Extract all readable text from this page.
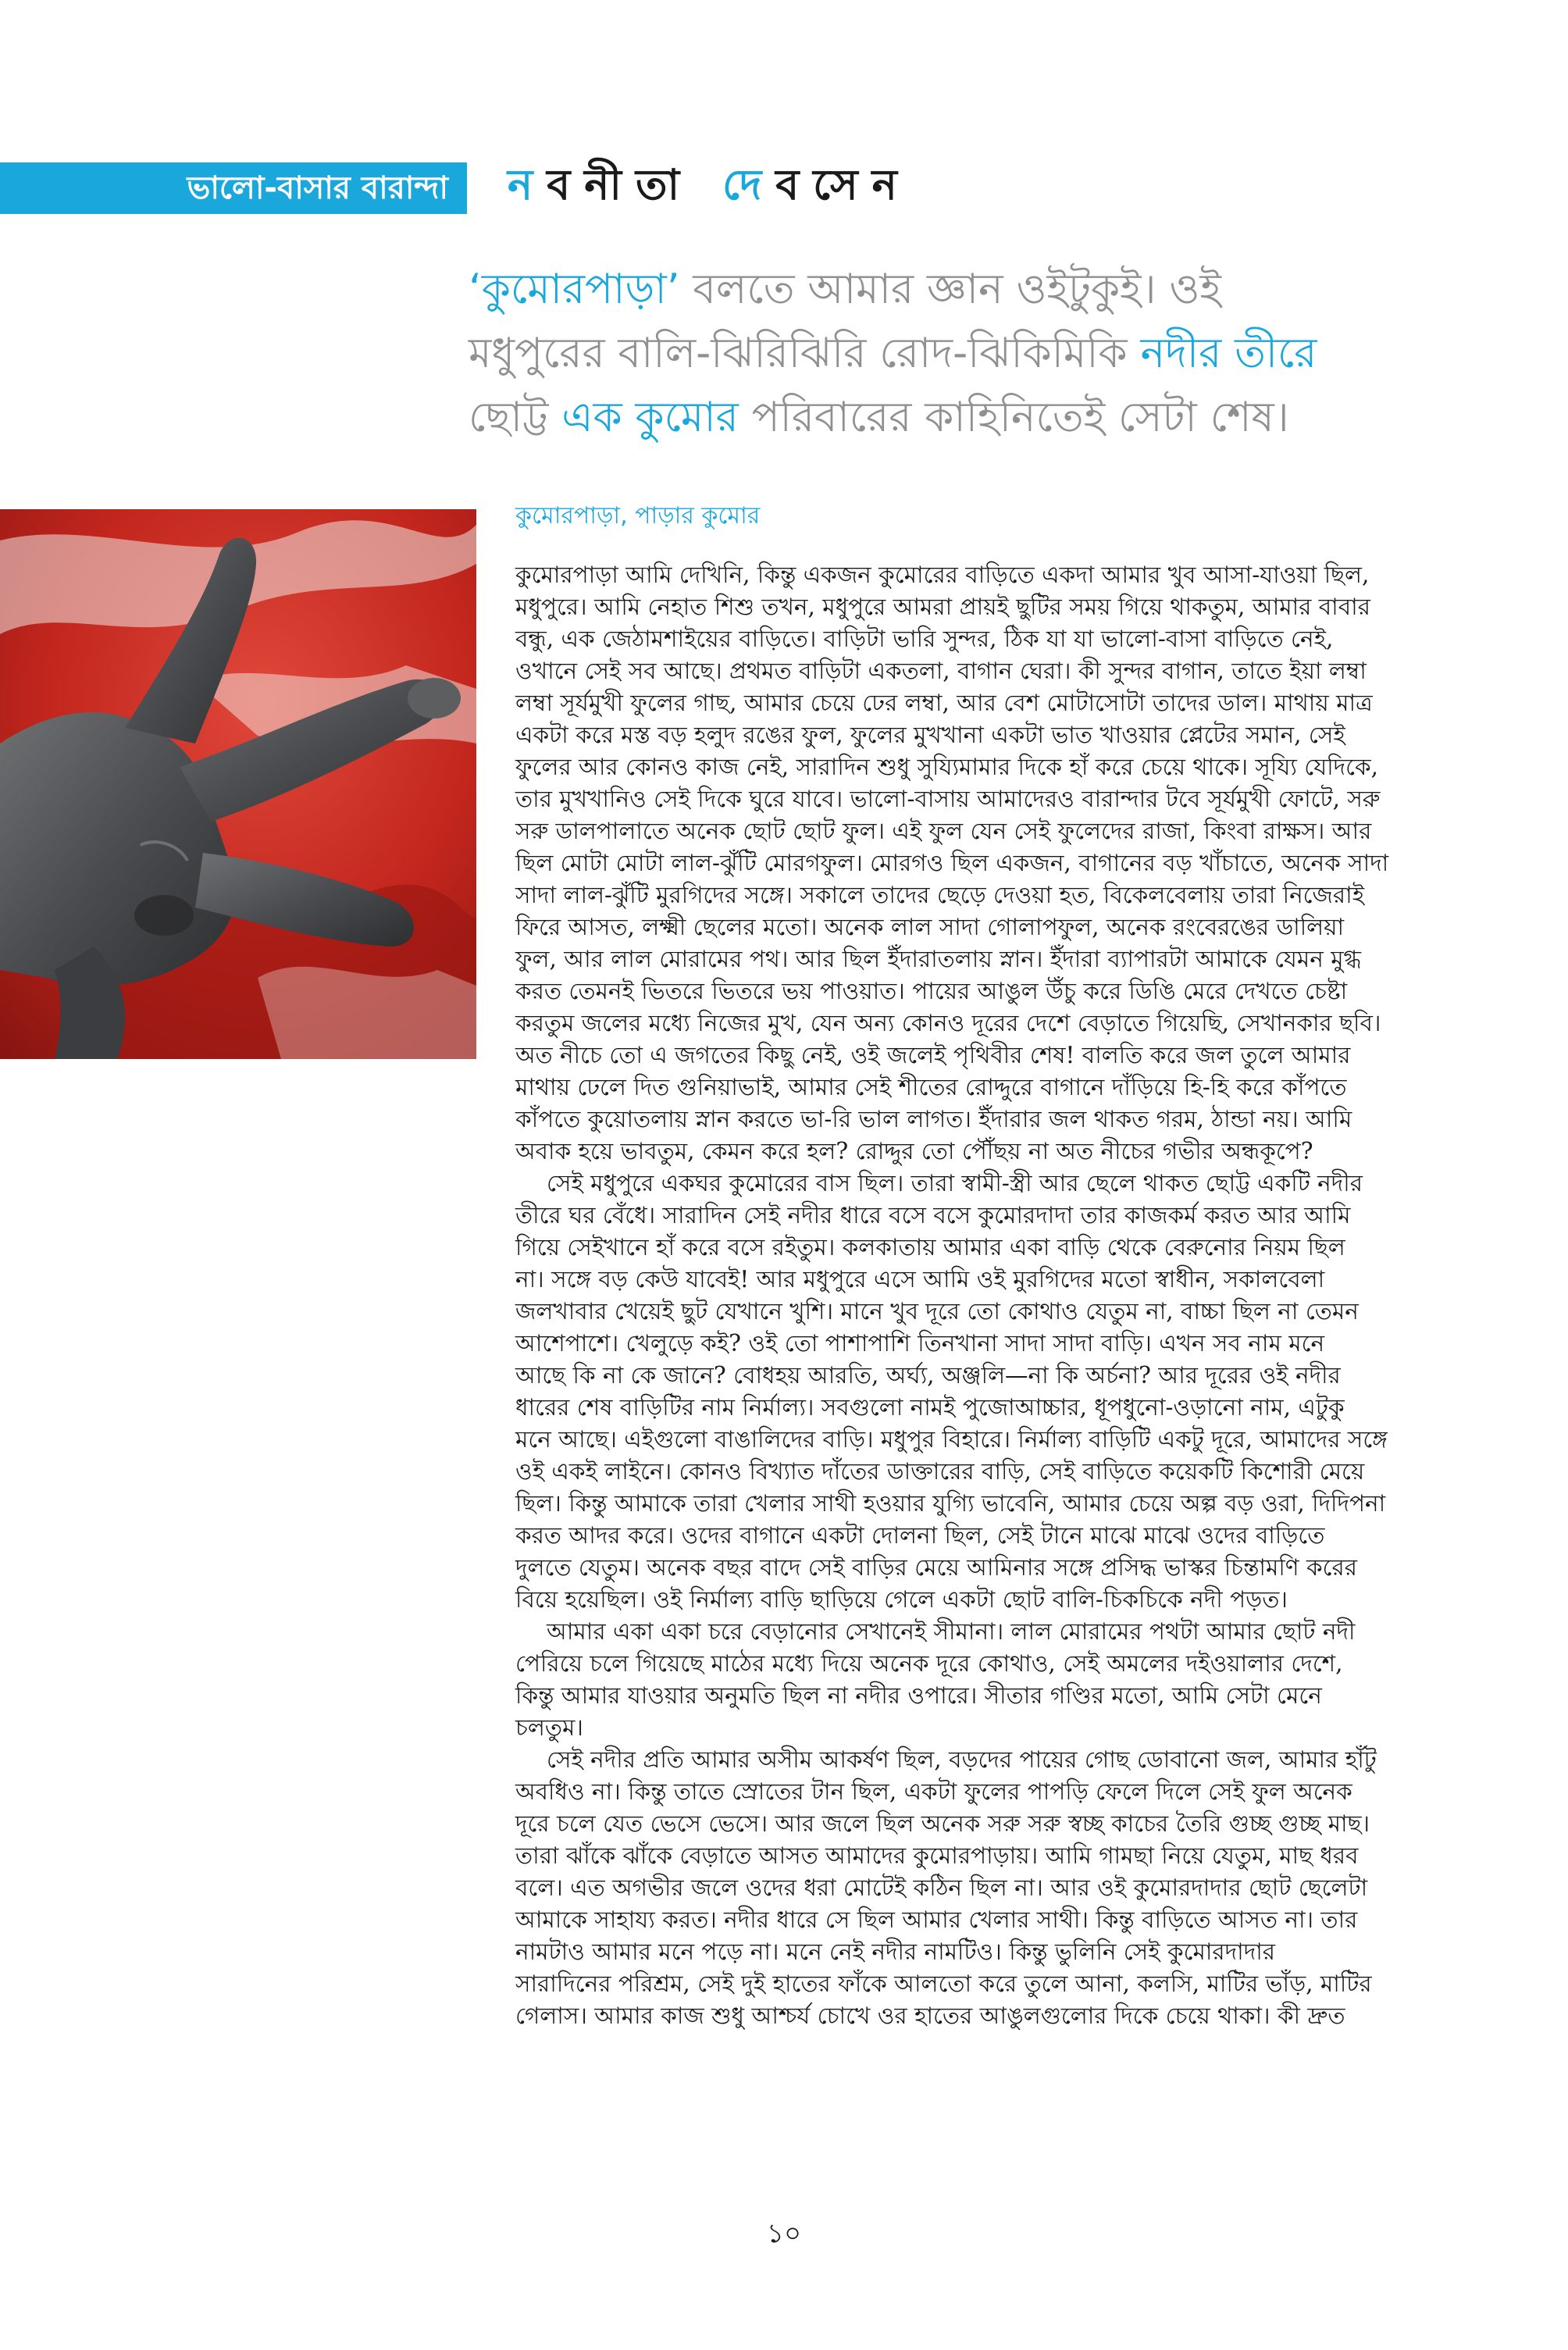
ভালো-বাসার বারান্দা নবনীতা দেবসেন

‘কুমোরপাড়া’ বলতে আমার জ্ঞান ওইটুকুই। ওই

মধুপুরের বালি-ঝিরিঝিরি রোদ-ঝিকিমিকি নদীর তীরে

ছোট্ট এক কুমোর পরিবারের কাহিনিতেই সেটা শেষ।

কুমোরপাড়া, পাড়ার কুমোর

কুমোরপাড়া আমি দেখিনি, কিন্তু একজন কুমোরের বাড়িতে একদা আমার খুব আসা-যাওয়া ছিল,

মধুপুরে। আমি নেহাত শিশু তখন, মধুপুরে আমরা প্রায়ই ছুটির সময় গিয়ে থাকতুম, আমার বাবার

বন্ধু, এক জেঠামশাইয়ের বাড়িতে। বাড়িটা ভারি সুন্দর, ঠিক যা যা ভালো-বাসা বাড়িতে নেই,

ওখানে সেই সব আছে। প্রথমত বাড়িটা একতলা, বাগান ঘেরা। কী সুন্দর বাগান, তাতে ইয়া লম্বা

লম্বা সূর্যমুখী ফুলের গাছ, আমার চেয়ে ঢের লম্বা, আর বেশ মোটাসোটা তাদের ডাল। মাথায় মাত্র

একটা করে মস্ত বড় হলুদ রঙের ফুল, ফুলের মুখখানা একটা ভাত খাওয়ার প্লেটের সমান, সেই

ফুলের আর কোনও কাজ নেই, সারাদিন শুধু সুয্যিমামার দিকে হাঁ করে চেয়ে থাকে। সূয্যি যেদিকে,

তার মুখখানিও সেই দিকে ঘুরে যাবে। ভালো-বাসায় আমাদেরও বারান্দার টবে সূর্যমুখী ফোটে, সরু

সরু ডালপালাতে অনেক ছোট ছোট ফুল। এই ফুল যেন সেই ফুলেদের রাজা, কিংবা রাক্ষস। আর

ছিল মোটা মোটা লাল-ঝুঁটি মোরগফুল। মোরগও ছিল একজন, বাগানের বড় খাঁচাতে, অনেক সাদা

সাদা লাল-ঝুঁটি মুরগিদের সঙ্গে। সকালে তাদের ছেড়ে দেওয়া হত, বিকেলবেলায় তারা নিজেরাই

ফিরে আসত, লক্ষ্মী ছেলের মতো। অনেক লাল সাদা গোলাপফুল, অনেক রংবেরঙের ডালিয়া

ফুল, আর লাল মোরামের পথ। আর ছিল ইঁদারাতলায় স্নান। ইঁদারা ব্যাপারটা আমাকে যেমন মুগ্ধ

করত তেমনই ভিতরে ভিতরে ভয় পাওয়াত। পায়ের আঙুল উঁচু করে ডিঙি মেরে দেখতে চেষ্টা

করতুম জলের মধ্যে নিজের মুখ, যেন অন্য কোনও দূরের দেশে বেড়াতে গিয়েছি, সেখানকার ছবি।

অত নীচে তো এ জগতের কিছু নেই, ওই জলেই পৃথিবীর শেষ! বালতি করে জল তুলে আমার

মাথায় ঢেলে দিত গুনিয়াভাই, আমার সেই শীতের রোদ্দুরে বাগানে দাঁড়িয়ে হি-হি করে কাঁপতে

কাঁপতে কুয়োতলায় স্নান করতে ভা-রি ভাল লাগত। ইঁদারার জল থাকত গরম, ঠান্ডা নয়। আমি

অবাক হয়ে ভাবতুম, কেমন করে হল? রোদ্দুর তো পৌঁছয় না অত নীচের গভীর অন্ধকূপে?

সেই মধুপুরে একঘর কুমোরের বাস ছিল। তারা স্বামী-স্ত্রী আর ছেলে থাকত ছোট্ট একটি নদীর

তীরে ঘর বেঁধে। সারাদিন সেই নদীর ধারে বসে বসে কুমোরদাদা তার কাজকর্ম করত আর আমি

গিয়ে সেইখানে হাঁ করে বসে রইতুম। কলকাতায় আমার একা বাড়ি থেকে বেরুনোর নিয়ম ছিল

না। সঙ্গে বড় কেউ যাবেই! আর মধুপুরে এসে আমি ওই মুরগিদের মতো স্বাধীন, সকালবেলা

জলখাবার খেয়েই ছুট যেখানে খুশি। মানে খুব দূরে তো কোথাও যেতুম না, বাচ্চা ছিল না তেমন

আশেপাশে। খেলুড়ে কই? ওই তো পাশাপাশি তিনখানা সাদা সাদা বাড়ি। এখন সব নাম মনে

আছে কি না কে জানে? বোধহয় আরতি, অর্ঘ্য, অঞ্জলি—না কি অর্চনা? আর দূরের ওই নদীর

ধারের শেষ বাড়িটির নাম নির্মাল্য। সবগুলো নামই পুজোআচ্চার, ধূপধুনো-ওড়ানো নাম, এটুকু

মনে আছে। এইগুলো বাঙালিদের বাড়ি। মধুপুর বিহারে। নির্মাল্য বাড়িটি একটু দূরে, আমাদের সঙ্গে

ওই একই লাইনে। কোনও বিখ্যাত দাঁতের ডাক্তারের বাড়ি, সেই বাড়িতে কয়েকটি কিশোরী মেয়ে

ছিল। কিন্তু আমাকে তারা খেলার সাথী হওয়ার যুগ্যি ভাবেনি, আমার চেয়ে অল্প বড় ওরা, দিদিপনা

করত আদর করে। ওদের বাগানে একটা দোলনা ছিল, সেই টানে মাঝে মাঝে ওদের বাড়িতে

দুলতে যেতুম। অনেক বছর বাদে সেই বাড়ির মেয়ে আমিনার সঙ্গে প্রসিদ্ধ ভাস্কর চিন্তামণি করের

বিয়ে হয়েছিল। ওই নির্মাল্য বাড়ি ছাড়িয়ে গেলে একটা ছোট বালি-চিকচিকে নদী পড়ত।

আমার একা একা চরে বেড়ানোর সেখানেই সীমানা। লাল মোরামের পথটা আমার ছোট নদী

পেরিয়ে চলে গিয়েছে মাঠের মধ্যে দিয়ে অনেক দূরে কোথাও, সেই অমলের দইওয়ালার দেশে,

কিন্তু আমার যাওয়ার অনুমতি ছিল না নদীর ওপারে। সীতার গণ্ডির মতো, আমি সেটা মেনে

চলতুম।

সেই নদীর প্রতি আমার অসীম আকর্ষণ ছিল, বড়দের পায়ের গোছ ডোবানো জল, আমার হাঁটু

অবধিও না। কিন্তু তাতে স্রোতের টান ছিল, একটা ফুলের পাপড়ি ফেলে দিলে সেই ফুল অনেক

দূরে চলে যেত ভেসে ভেসে। আর জলে ছিল অনেক সরু সরু স্বচ্ছ কাচের তৈরি গুচ্ছ গুচ্ছ মাছ।

তারা ঝাঁকে ঝাঁকে বেড়াতে আসত আমাদের কুমোরপাড়ায়। আমি গামছা নিয়ে যেতুম, মাছ ধরব

বলে। এত অগভীর জলে ওদের ধরা মোটেই কঠিন ছিল না। আর ওই কুমোরদাদার ছোট ছেলেটা

আমাকে সাহায্য করত। নদীর ধারে সে ছিল আমার খেলার সাথী। কিন্তু বাড়িতে আসত না। তার

নামটাও আমার মনে পড়ে না। মনে নেই নদীর নামটিও। কিন্তু ভুলিনি সেই কুমোরদাদার

সারাদিনের পরিশ্রম, সেই দুই হাতের ফাঁকে আলতো করে তুলে আনা, কলসি, মাটির ভাঁড়, মাটির

গেলাস। আমার কাজ শুধু আশ্চর্য চোখে ওর হাতের আঙুলগুলোর দিকে চেয়ে থাকা। কী দ্রুত

১০
